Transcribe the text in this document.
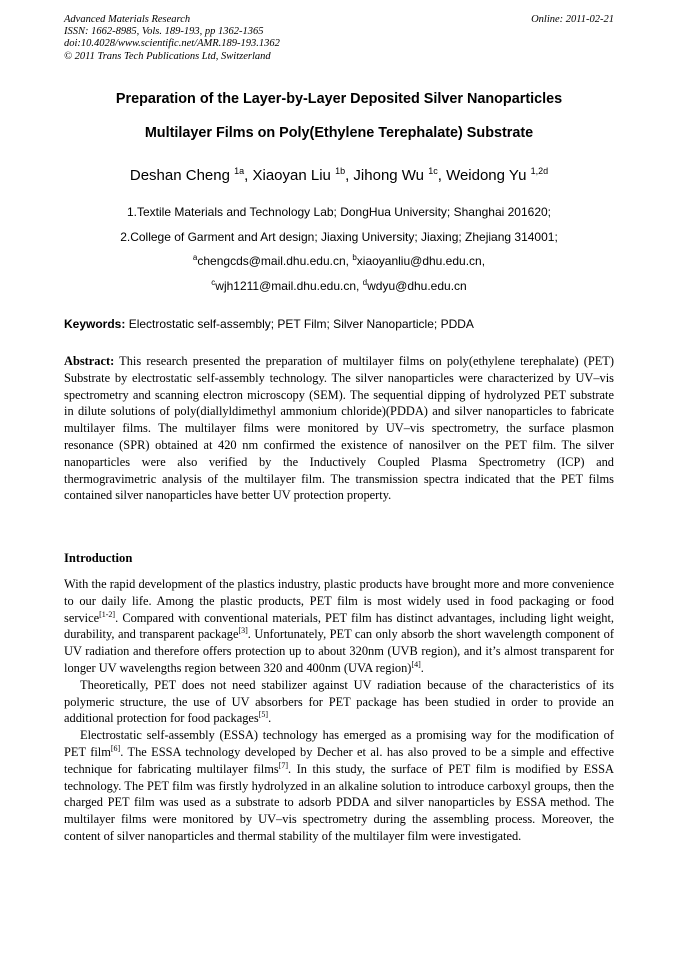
Advanced Materials Research
ISSN: 1662-8985, Vols. 189-193, pp 1362-1365
doi:10.4028/www.scientific.net/AMR.189-193.1362
© 2011 Trans Tech Publications Ltd, Switzerland
Online: 2011-02-21
Preparation of the Layer-by-Layer Deposited Silver Nanoparticles
Multilayer Films on Poly(Ethylene Terephalate) Substrate
Deshan Cheng $^{1a}$, Xiaoyan Liu $^{1b}$, Jihong Wu $^{1c}$, Weidong Yu $^{1,2d}$
1.Textile Materials and Technology Lab; DongHua University; Shanghai 201620;
2.College of Garment and Art design; Jiaxing University; Jiaxing; Zhejiang 314001;
$^a$chengcds@mail.dhu.edu.cn, $^b$xiaoyanliu@dhu.edu.cn,
$^c$wjh1211@mail.dhu.edu.cn, $^d$wdyu@dhu.edu.cn
Keywords: Electrostatic self-assembly; PET Film; Silver Nanoparticle; PDDA

Abstract: This research presented the preparation of multilayer films on poly(ethylene terephalate) (PET) Substrate by electrostatic self-assembly technology. The silver nanoparticles were characterized by UV–vis spectrometry and scanning electron microscopy (SEM). The sequential dipping of hydrolyzed PET substrate in dilute solutions of poly(diallyldimethyl ammonium chloride)(PDDA) and silver nanoparticles to fabricate multilayer films. The multilayer films were monitored by UV–vis spectrometry, the surface plasmon resonance (SPR) obtained at 420 nm confirmed the existence of nanosilver on the PET film. The silver nanoparticles were also verified by the Inductively Coupled Plasma Spectrometry (ICP) and thermogravimetric analysis of the multilayer film. The transmission spectra indicated that the PET films contained silver nanoparticles have better UV protection property.

Introduction

With the rapid development of the plastics industry, plastic products have brought more and more convenience to our daily life. Among the plastic products, PET film is most widely used in food packaging or food service[1-2]. Compared with conventional materials, PET film has distinct advantages, including light weight, durability, and transparent package[3]. Unfortunately, PET can only absorb the short wavelength component of UV radiation and therefore offers protection up to about 320nm (UVB region), and it’s almost transparent for longer UV wavelengths region between 320 and 400nm (UVA region)[4].

Theoretically, PET does not need stabilizer against UV radiation because of the characteristics of its polymeric structure, the use of UV absorbers for PET package has been studied in order to provide an additional protection for food packages[5].

Electrostatic self-assembly (ESSA) technology has emerged as a promising way for the modification of PET film[6]. The ESSA technology developed by Decher et al. has also proved to be a simple and effective technique for fabricating multilayer films[7]. In this study, the surface of PET film is modified by ESSA technology. The PET film was firstly hydrolyzed in an alkaline solution to introduce carboxyl groups, then the charged PET film was used as a substrate to adsorb PDDA and silver nanoparticles by ESSA method. The multilayer films were monitored by UV–vis spectrometry during the assembling process. Moreover, the content of silver nanoparticles and thermal stability of the multilayer film were investigated.
